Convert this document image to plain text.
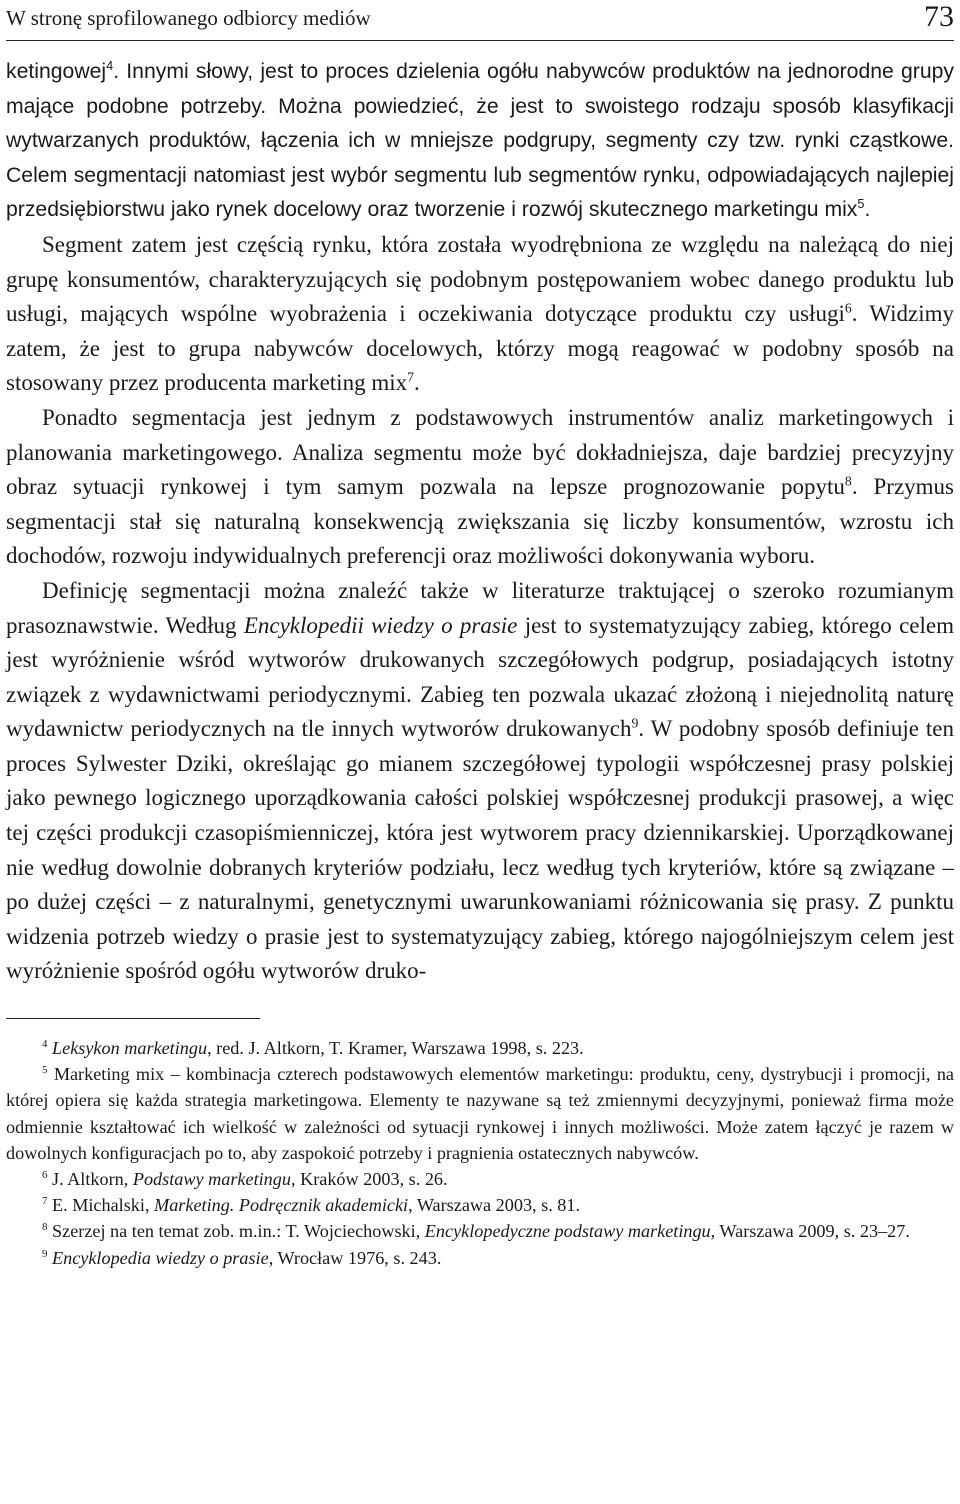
W stronę sprofilowanego odbiorcy mediów	73

ketingowej$^4$. Innymi słowy, jest to proces dzielenia ogółu nabywców produktów na jednorodne grupy mające podobne potrzeby. Można powiedzieć, że jest to swoistego rodzaju sposób klasyfikacji wytwarzanych produktów, łączenia ich w mniejsze podgrupy, segmenty czy tzw. rynki cząstkowe. Celem segmentacji natomiast jest wybór segmentu lub segmentów rynku, odpowiadających najlepiej przedsiębiorstwu jako rynek docelowy oraz tworzenie i rozwój skutecznego marketingu mix$^5$.

Segment zatem jest częścią rynku, która została wyodrębniona ze względu na należącą do niej grupę konsumentów, charakteryzujących się podobnym postępowaniem wobec danego produktu lub usługi, mających wspólne wyobrażenia i oczekiwania dotyczące produktu czy usługi$^6$. Widzimy zatem, że jest to grupa nabywców docelowych, którzy mogą reagować w podobny sposób na stosowany przez producenta marketing mix$^7$.

Ponadto segmentacja jest jednym z podstawowych instrumentów analiz marketingowych i planowania marketingowego. Analiza segmentu może być dokładniejsza, daje bardziej precyzyjny obraz sytuacji rynkowej i tym samym pozwala na lepsze prognozowanie popytu$^8$. Przymus segmentacji stał się naturalną konsekwencją zwiększania się liczby konsumentów, wzrostu ich dochodów, rozwoju indywidualnych preferencji oraz możliwości dokonywania wyboru.

Definicję segmentacji można znaleźć także w literaturze traktującej o szeroko rozumianym prasoznawstwie. Według Encyklopedii wiedzy o prasie jest to systematyzujący zabieg, którego celem jest wyróżnienie wśród wytworów drukowanych szczegółowych podgrup, posiadających istotny związek z wydawnictwami periodycznymi. Zabieg ten pozwala ukazać złożoną i niejednolitą naturę wydawnictw periodycznych na tle innych wytworów drukowanych$^9$. W podobny sposób definiuje ten proces Sylwester Dziki, określając go mianem szczegółowej typologii współczesnej prasy polskiej jako pewnego logicznego uporządkowania całości polskiej współczesnej produkcji prasowej, a więc tej części produkcji czasopiśmienniczej, która jest wytworem pracy dziennikarskiej. Uporządkowanej nie według dowolnie dobranych kryteriów podziału, lecz według tych kryteriów, które są związane – po dużej części – z naturalnymi, genetycznymi uwarunkowaniami różnicowania się prasy. Z punktu widzenia potrzeb wiedzy o prasie jest to systematyzujący zabieg, którego najogólniejszym celem jest wyróżnienie spośród ogółu wytworów druko-

$^4$ Leksykon marketingu, red. J. Altkorn, T. Kramer, Warszawa 1998, s. 223.

$^5$ Marketing mix – kombinacja czterech podstawowych elementów marketingu: produktu, ceny, dystrybucji i promocji, na której opiera się każda strategia marketingowa. Elementy te nazywane są też zmiennymi decyzyjnymi, ponieważ firma może odmiennie kształtować ich wielkość w zależności od sytuacji rynkowej i innych możliwości. Może zatem łączyć je razem w dowolnych konfiguracjach po to, aby zaspokoić potrzeby i pragnienia ostatecznych nabywców.

$^6$ J. Altkorn, Podstawy marketingu, Kraków 2003, s. 26.

$^7$ E. Michalski, Marketing. Podręcznik akademicki, Warszawa 2003, s. 81.

$^8$ Szerzej na ten temat zob. m.in.: T. Wojciechowski, Encyklopedyczne podstawy marketingu, Warszawa 2009, s. 23–27.

$^9$ Encyklopedia wiedzy o prasie, Wrocław 1976, s. 243.
